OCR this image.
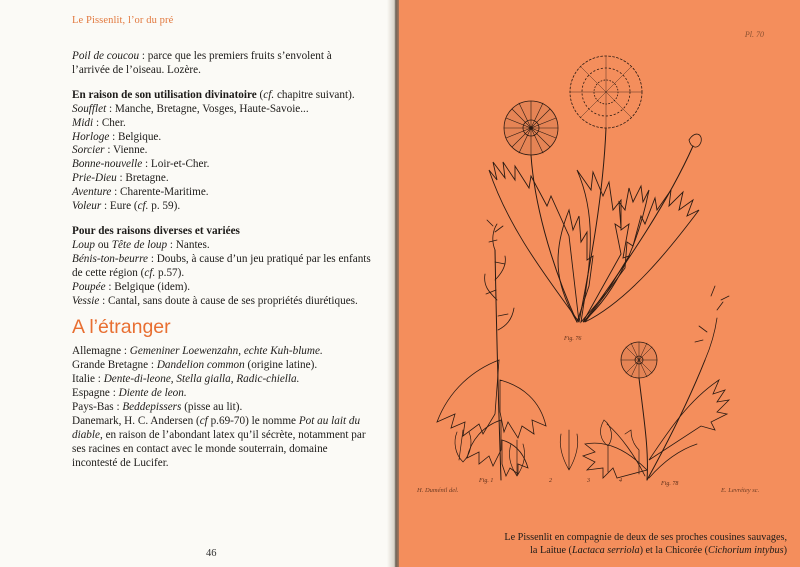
Le Pissenlit, l’or du pré

Poil de coucou : parce que les premiers fruits s’envolent à l’arrivée de l’oiseau. Lozère.

En raison de son utilisation divinatoire (cf. chapitre suivant).

Soufflet : Manche, Bretagne, Vosges, Haute-Savoie...

Midi : Cher.

Horloge : Belgique.

Sorcier : Vienne.

Bonne-nouvelle : Loir-et-Cher.

Prie-Dieu : Bretagne.

Aventure : Charente-Maritime.

Voleur : Eure (cf. p. 59).

Pour des raisons diverses et variées

Loup ou Tête de loup : Nantes.

Bénis-ton-beurre : Doubs, à cause d’un jeu pratiqué par les enfants de cette région (cf. p.57).

Poupée : Belgique (idem).

Vessie : Cantal, sans doute à cause de ses propriétés diurétiques.

A l’étranger

Allemagne : Gemeniner Loewenzahn, echte Kuh-blume.

Grande Bretagne : Dandelion common (origine latine).

Italie : Dente-di-leone, Stella gialla, Radic-chiella.

Espagne : Diente de leon.

Pays-Bas : Beddepissers (pisse au lit).

Danemark, H. C. Andersen (cf p.69-70) le nomme Pot au lait du diable, en raison de l’abondant latex qu’il sécrète, notamment par ses racines en contact avec le monde souterrain, domaine incontesté de Lucifer.

46
Pl. 70
Fig. 76
Fig. 1	Fig. 78
2	3	4
H. Duménil del.	E. Levrétey sc.
Le Pissenlit en compagnie de deux de ses proches cousines sauvages,
la Laitue (Lactaca serriola) et la Chicorée (Cichorium intybus)
